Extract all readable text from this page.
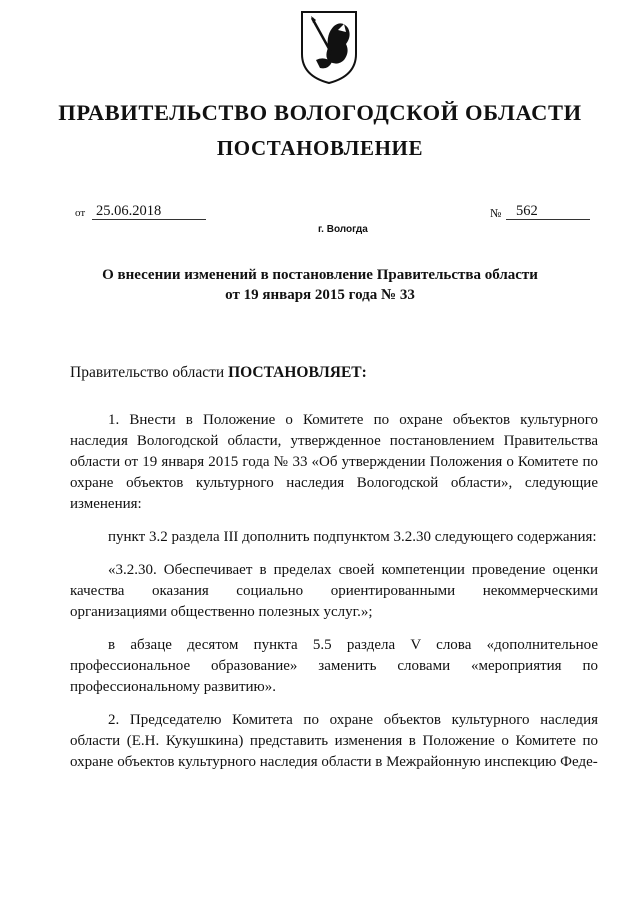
ПРАВИТЕЛЬСТВО ВОЛОГОДСКОЙ ОБЛАСТИ
ПОСТАНОВЛЕНИЕ
от 25.06.2018	№	562
г. Вологда
О внесении изменений в постановление Правительства области
от 19 января 2015 года № 33
Правительство области ПОСТАНОВЛЯЕТ:

1. Внести в Положение о Комитете по охране объектов культурного наследия Вологодской области, утвержденное постановлением Правительства области от 19 января 2015 года № 33 «Об утверждении Положения о Комитете по охране объектов культурного наследия Вологодской области», следующие изменения:

пункт 3.2 раздела III дополнить подпунктом 3.2.30 следующего содержания:

«3.2.30. Обеспечивает в пределах своей компетенции проведение оценки качества оказания социально ориентированными некоммерческими организациями общественно полезных услуг.»;

в абзаце десятом пункта 5.5 раздела V слова «дополнительное профессиональное образование» заменить словами «мероприятия по профессиональному развитию».

2. Председателю Комитета по охране объектов культурного наследия области (Е.Н. Кукушкина) представить изменения в Положение о Комитете по охране объектов культурного наследия области в Межрайонную инспекцию Феде-
